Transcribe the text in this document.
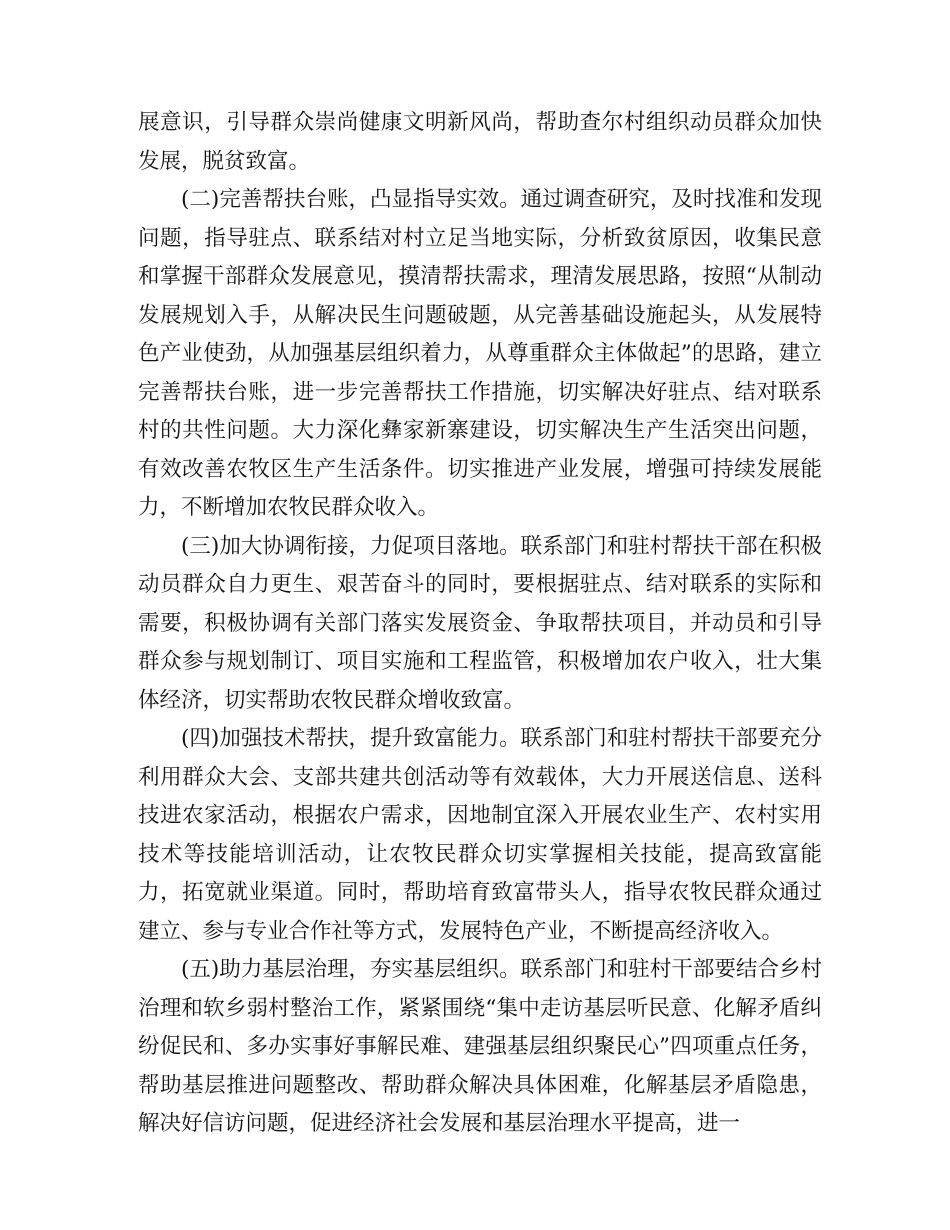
展意识，引导群众崇尚健康文明新风尚，帮助查尔村组织动员群众加快发展，脱贫致富。

(二)完善帮扶台账，凸显指导实效。通过调查研究，及时找准和发现问题，指导驻点、联系结对村立足当地实际，分析致贫原因，收集民意和掌握干部群众发展意见，摸清帮扶需求，理清发展思路，按照“从制动发展规划入手，从解决民生问题破题，从完善基础设施起头，从发展特色产业使劲，从加强基层组织着力，从尊重群众主体做起”的思路，建立完善帮扶台账，进一步完善帮扶工作措施，切实解决好驻点、结对联系村的共性问题。大力深化彝家新寨建设，切实解决生产生活突出问题，有效改善农牧区生产生活条件。切实推进产业发展，增强可持续发展能力，不断增加农牧民群众收入。

(三)加大协调衔接，力促项目落地。联系部门和驻村帮扶干部在积极动员群众自力更生、艰苦奋斗的同时，要根据驻点、结对联系的实际和需要，积极协调有关部门落实发展资金、争取帮扶项目，并动员和引导群众参与规划制订、项目实施和工程监管，积极增加农户收入，壮大集体经济，切实帮助农牧民群众增收致富。

(四)加强技术帮扶，提升致富能力。联系部门和驻村帮扶干部要充分利用群众大会、支部共建共创活动等有效载体，大力开展送信息、送科技进农家活动，根据农户需求，因地制宜深入开展农业生产、农村实用技术等技能培训活动，让农牧民群众切实掌握相关技能，提高致富能力，拓宽就业渠道。同时，帮助培育致富带头人，指导农牧民群众通过建立、参与专业合作社等方式，发展特色产业，不断提高经济收入。

(五)助力基层治理，夯实基层组织。联系部门和驻村干部要结合乡村治理和软乡弱村整治工作，紧紧围绕“集中走访基层听民意、化解矛盾纠纷促民和、多办实事好事解民难、建强基层组织聚民心”四项重点任务，帮助基层推进问题整改、帮助群众解决具体困难，化解基层矛盾隐患，解决好信访问题，促进经济社会发展和基层治理水平提高，进一
